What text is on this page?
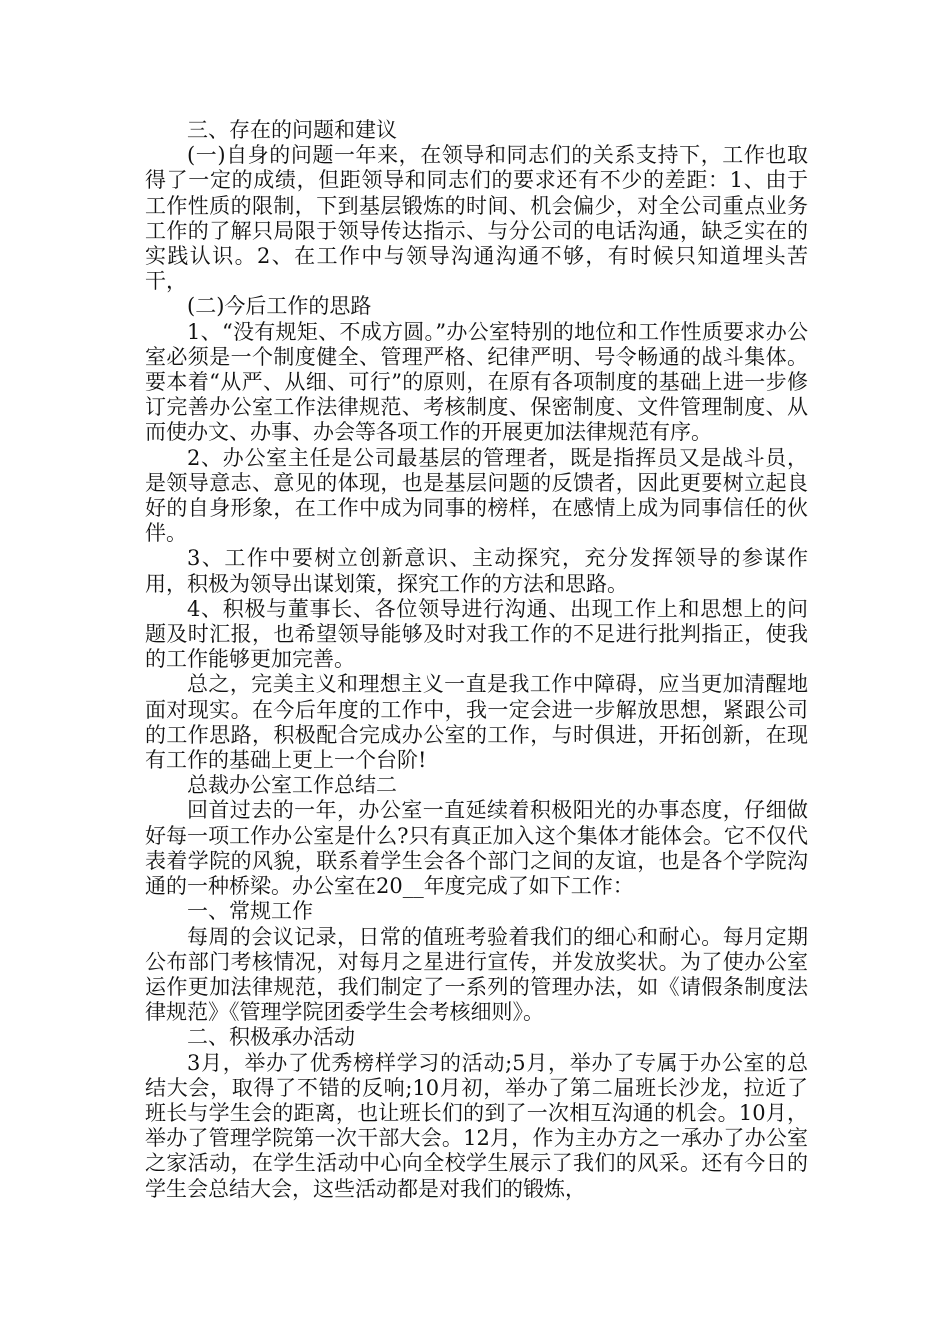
三、存在的问题和建议

(一)自身的问题一年来，在领导和同志们的关系支持下，工作也取得了一定的成绩，但距领导和同志们的要求还有不少的差距：1、由于工作性质的限制，下到基层锻炼的时间、机会偏少，对全公司重点业务工作的了解只局限于领导传达指示、与分公司的电话沟通，缺乏实在的实践认识。2、在工作中与领导沟通沟通不够，有时候只知道埋头苦干，

(二)今后工作的思路

1、“没有规矩、不成方圆。”办公室特别的地位和工作性质要求办公室必须是一个制度健全、管理严格、纪律严明、号令畅通的战斗集体。要本着“从严、从细、可行”的原则，在原有各项制度的基础上进一步修订完善办公室工作法律规范、考核制度、保密制度、文件管理制度、从而使办文、办事、办会等各项工作的开展更加法律规范有序。

2、办公室主任是公司最基层的管理者，既是指挥员又是战斗员，是领导意志、意见的体现，也是基层问题的反馈者，因此更要树立起良好的自身形象，在工作中成为同事的榜样，在感情上成为同事信任的伙伴。

3、工作中要树立创新意识、主动探究，充分发挥领导的参谋作用，积极为领导出谋划策，探究工作的方法和思路。

4、积极与董事长、各位领导进行沟通、出现工作上和思想上的问题及时汇报，也希望领导能够及时对我工作的不足进行批判指正，使我的工作能够更加完善。

总之，完美主义和理想主义一直是我工作中障碍，应当更加清醒地面对现实。在今后年度的工作中，我一定会进一步解放思想，紧跟公司的工作思路，积极配合完成办公室的工作，与时俱进，开拓创新，在现有工作的基础上更上一个台阶!

总裁办公室工作总结二

回首过去的一年，办公室一直延续着积极阳光的办事态度，仔细做好每一项工作办公室是什么?只有真正加入这个集体才能体会。它不仅代表着学院的风貌，联系着学生会各个部门之间的友谊，也是各个学院沟通的一种桥梁。办公室在20__年度完成了如下工作：

一、常规工作

每周的会议记录，日常的值班考验着我们的细心和耐心。每月定期公布部门考核情况，对每月之星进行宣传，并发放奖状。为了使办公室运作更加法律规范，我们制定了一系列的管理办法，如《请假条制度法律规范》《管理学院团委学生会考核细则》。

二、积极承办活动

3月，举办了优秀榜样学习的活动;5月，举办了专属于办公室的总结大会，取得了不错的反响;10月初，举办了第二届班长沙龙，拉近了班长与学生会的距离，也让班长们的到了一次相互沟通的机会。10月，举办了管理学院第一次干部大会。12月，作为主办方之一承办了办公室之家活动，在学生活动中心向全校学生展示了我们的风采。还有今日的学生会总结大会，这些活动都是对我们的锻炼，
